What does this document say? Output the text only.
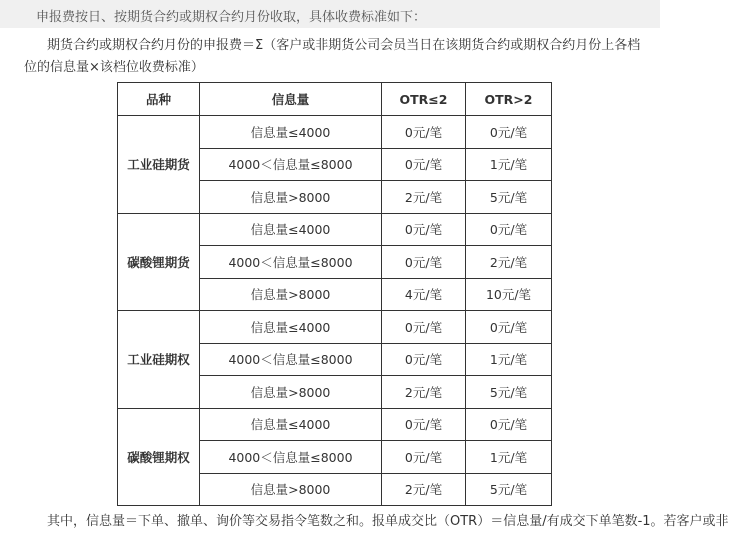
申报费按日、按期货合约或期权合约月份收取，具体收费标准如下：
期货合约或期权合约月份的申报费＝Σ（客户或非期货公司会员当日在该期货合约或期权合约月份上各档位的信息量×该档位收费标准）
品种	信息量	OTR≤2	OTR>2
工业硅期货	信息量≤4000	0元/笔	0元/笔
	4000＜信息量≤8000	0元/笔	1元/笔
	信息量>8000	2元/笔	5元/笔
碳酸锂期货	信息量≤4000	0元/笔	0元/笔
	4000＜信息量≤8000	0元/笔	2元/笔
	信息量>8000	4元/笔	10元/笔
工业硅期权	信息量≤4000	0元/笔	0元/笔
	4000＜信息量≤8000	0元/笔	1元/笔
	信息量>8000	2元/笔	5元/笔
碳酸锂期权	信息量≤4000	0元/笔	0元/笔
	4000＜信息量≤8000	0元/笔	1元/笔
	信息量>8000	2元/笔	5元/笔
其中，信息量＝下单、撤单、询价等交易指令笔数之和。报单成交比（OTR）＝信息量/有成交下单笔数-1。若客户或非
